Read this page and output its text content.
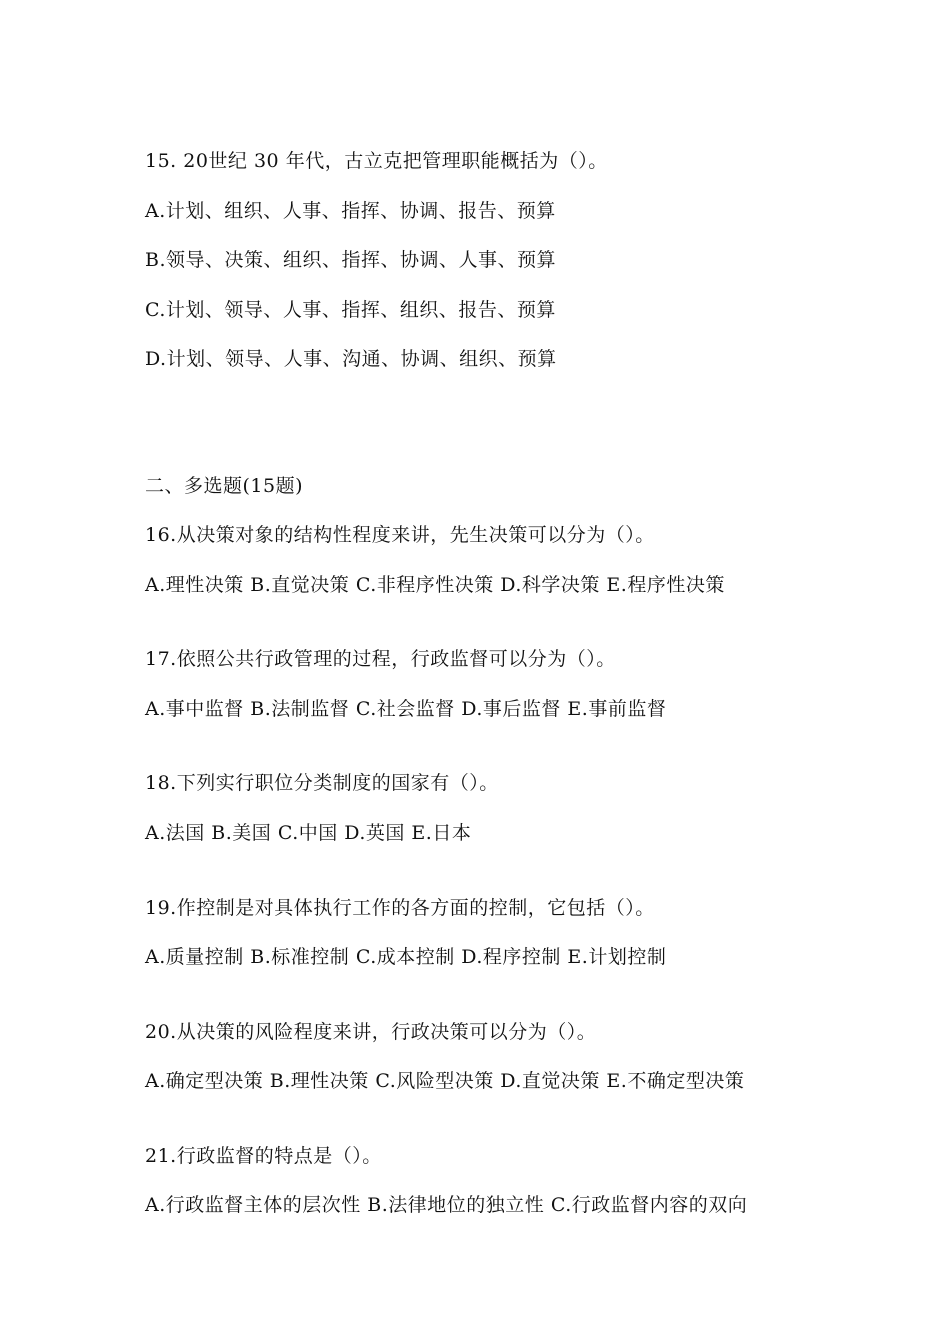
15. 20世纪 30 年代，古立克把管理职能概括为（）。
A.计划、组织、人事、指挥、协调、报告、预算
B.领导、决策、组织、指挥、协调、人事、预算
C.计划、领导、人事、指挥、组织、报告、预算
D.计划、领导、人事、沟通、协调、组织、预算
二、多选题(15题)
16.从决策对象的结构性程度来讲，先生决策可以分为（）。
A.理性决策 B.直觉决策 C.非程序性决策 D.科学决策 E.程序性决策
17.依照公共行政管理的过程，行政监督可以分为（）。
A.事中监督 B.法制监督 C.社会监督 D.事后监督 E.事前监督
18.下列实行职位分类制度的国家有（）。
A.法国 B.美国 C.中国 D.英国 E.日本
19.作控制是对具体执行工作的各方面的控制，它包括（）。
A.质量控制 B.标准控制 C.成本控制 D.程序控制 E.计划控制
20.从决策的风险程度来讲，行政决策可以分为（）。
A.确定型决策 B.理性决策 C.风险型决策 D.直觉决策 E.不确定型决策
21.行政监督的特点是（）。
A.行政监督主体的层次性 B.法律地位的独立性 C.行政监督内容的双向
